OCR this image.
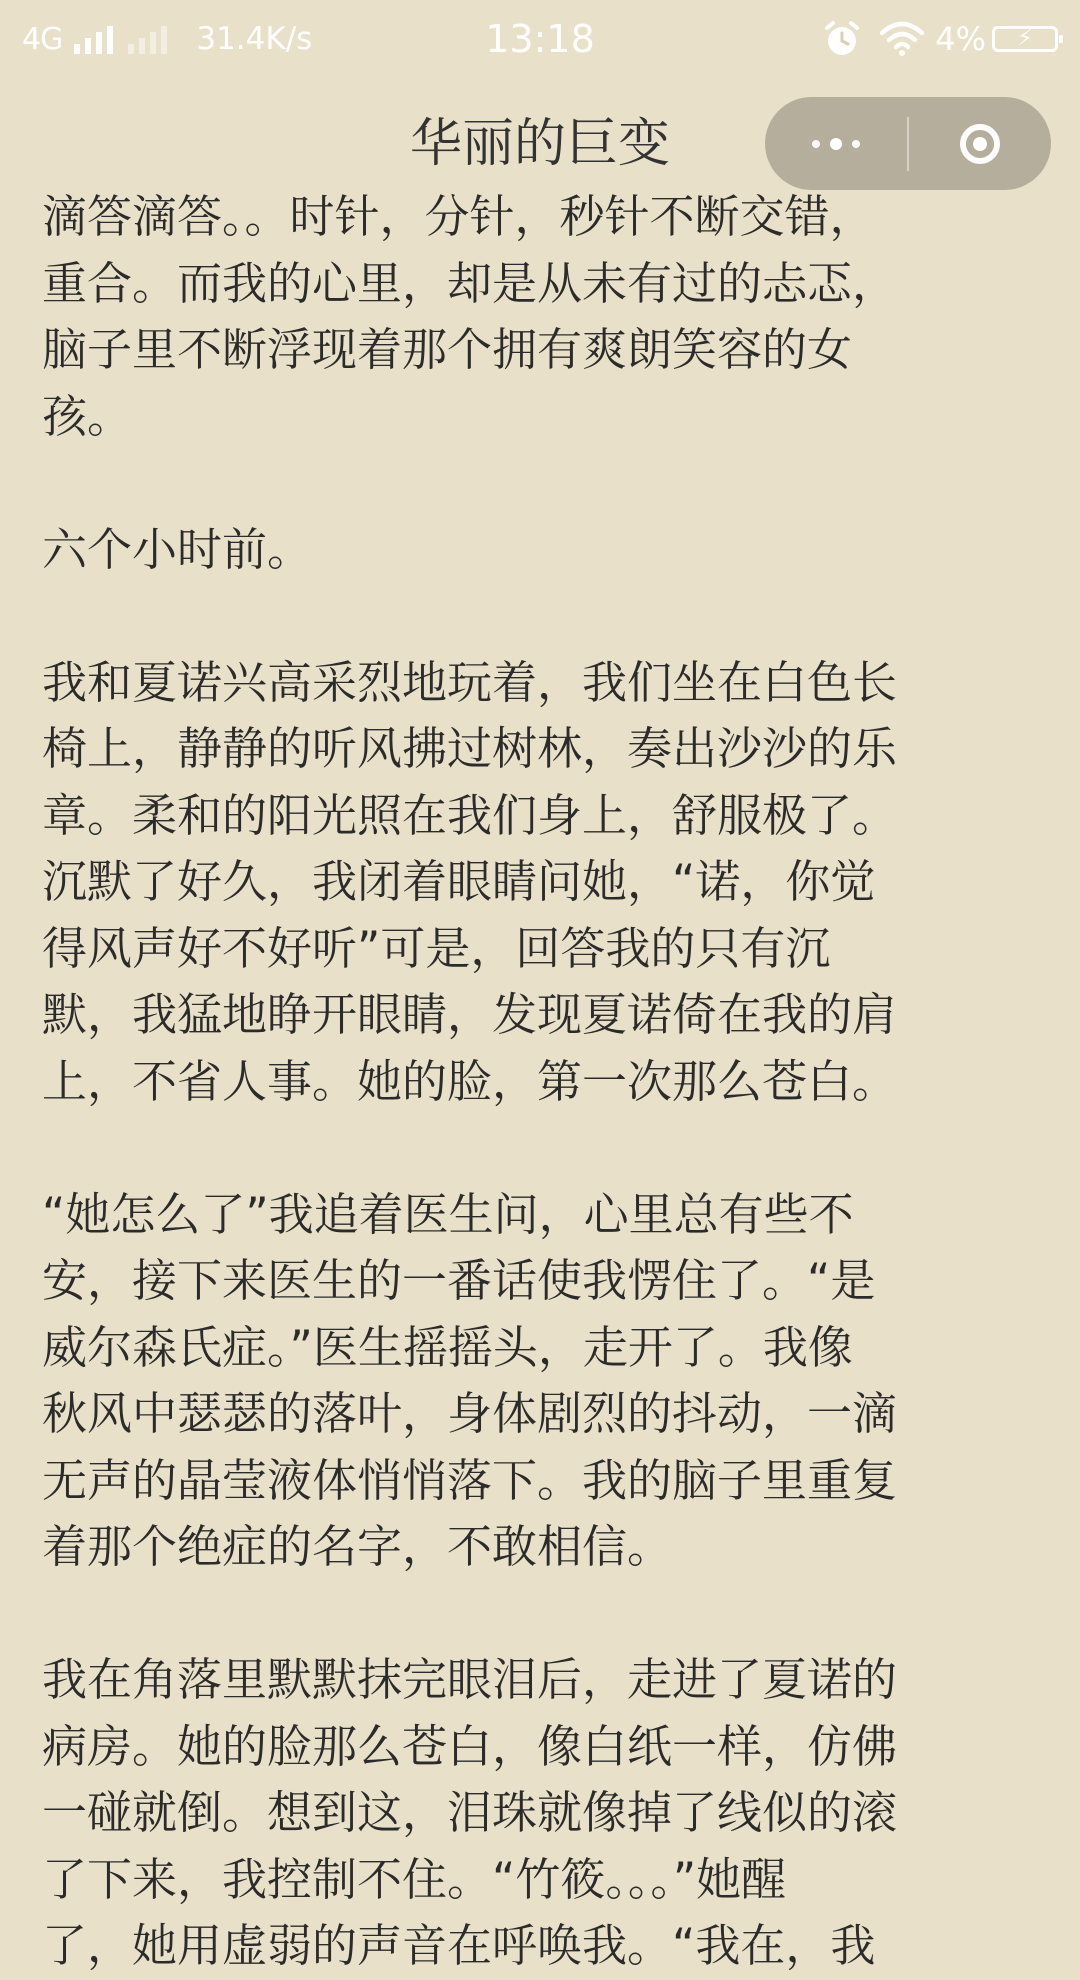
4G	31.4K/s	13:18	4%	⚡
华丽的巨变
滴答滴答。。时针，分针，秒针不断交错，
重合。而我的心里，却是从未有过的忐忑，
脑子里不断浮现着那个拥有爽朗笑容的女
孩。
六个小时前。
我和夏诺兴高采烈地玩着，我们坐在白色长
椅上，静静的听风拂过树林，奏出沙沙的乐
章。柔和的阳光照在我们身上，舒服极了。
沉默了好久，我闭着眼睛问她，“诺，你觉
得风声好不好听”可是，回答我的只有沉
默，我猛地睁开眼睛，发现夏诺倚在我的肩
上，不省人事。她的脸，第一次那么苍白。
“她怎么了”我追着医生问，心里总有些不
安，接下来医生的一番话使我愣住了。“是
威尔森氏症。”医生摇摇头，走开了。我像
秋风中瑟瑟的落叶，身体剧烈的抖动，一滴
无声的晶莹液体悄悄落下。我的脑子里重复
着那个绝症的名字，不敢相信。
我在角落里默默抹完眼泪后，走进了夏诺的
病房。她的脸那么苍白，像白纸一样，仿佛
一碰就倒。想到这，泪珠就像掉了线似的滚
了下来，我控制不住。“竹筱。。。”她醒
了，她用虚弱的声音在呼唤我。“我在，我
